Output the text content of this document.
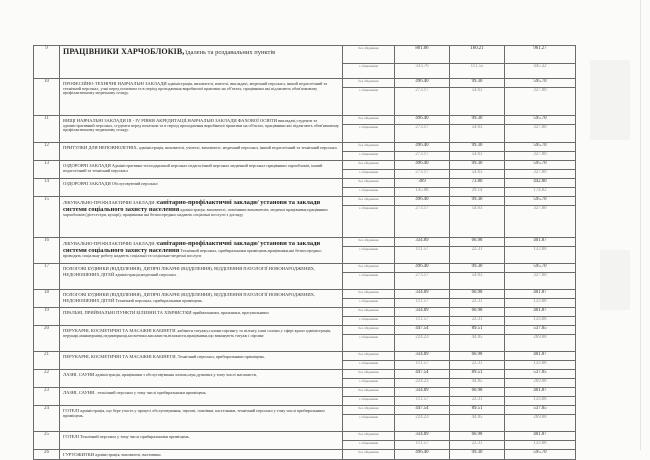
9	ПРАЦІВНИКИ ХАРЧОБЛОКІВ, їдалень та роздавальних пунктів	без обіднання	801.06	160.21	961.27
		з обіднанням	333.76	111.55	445.32
10	ПРОФЕСІЙНО-ТЕХНІЧНІ НАВЧАЛЬНІ ЗАКЛАДИ адміністрація, вихователі, вчителі, викладачі, медичний персонал, інший педагогічний та технічний персонал, учні перед початком та в період проходження виробничої практики на об'єктах, працівники які підлягають обов'язковому профілактичному медичному огляду.	без обіднання	496.40	99.30	595.70
		з обіднанням	273.17	54.63	327.80
11	ВИЩІ НАВЧАЛЬНІ ЗАКЛАДИ ІІІ - IV РІВНЯ АКРЕДИТАЦІЇ,НАВЧАЛЬНІ ЗАКЛАДИ ФАХОВОЇ ОСВІТИ викладачі,студенти та адміністративний персонал, студенти перед початком та в період проходження виробничої практики на об'єктах, працівники які підлягають обов'язковому профілактичному медичному огляду.	без обіднання	496.40	99.30	595.70
		з обіднанням	273.17	54.63	327.80
12	ПРИТУЛКИ ДЛЯ НЕПОВНОЛІТНІХ, адміністрація, вихователі, учителі, вихователі, медичний персонал, інший педагогічний та технічний персонал.	без обіднання	496.40	99.30	595.70
		з обіднанням	273.17	54.63	327.80
13	ОЗДОРОВЧІ ЗАКЛАДИ Адміністративно-господарський персонал педагогічний персонал медичний персонал працівники харчоблоків, інший педагогічний та технічний персонал	без обіднання	496.40	99.30	595.70
		з обіднанням	273.17	54.63	327.80
14	ОЗДОРОВЧІ ЗАКЛАДИ Обслуговуючий персонал	без обіднання	369	73.80	442.80
		з обіднанням	145.08	29.14	174.82
15	ЛІКУВАЛЬНО-ПРОФІЛАКТИЧНІ ЗАКЛАДИ /санітарно-профілактичні заклади/ установи та заклади системи соціального захисту населення адміністрація, вихователі, помічники вихователів, медичні працівники,працівники харчоблоків (дієтсестри, кухарі), працівники які безпосередньо надають соціальні послуги з догляду	без обіднання	496.40	99.30	595.70
		з обіднанням	273.17	54.63	327.80
16	ЛІКУВАЛЬНО-ПРОФІЛАКТИЧНІ ЗАКЛАДИ /санітарно-профілактичні заклади/ установи та заклади системи соціального захисту населення Технічний персонал, прибиральники приміщень,працівники,які безпосередньо проводять соціальну роботу надають соціальні та соціально-медичні послуги	без обіднання	334.89	66.98	401.87
		з обіднанням	111.57	22.31	133.88
17	ПОЛОГОВІ БУДИНКИ (ВІДДІЛЕННЯ), ДИТЯЧІ ЛІКАРНІ (ВІДДІЛЕННЯ), ВІДДІЛЕННЯ ПАТОЛОГІЇ НОВОНАРОДЖЕНИХ, НЕДОНОШЕНИХ ДІТЕЙ адміністрація,медичний персонал .	без обіднання	496.40	99.30	595.70
		з обіднанням	273.17	54.63	327.80
18	ПОЛОГОВІ БУДИНКИ (ВІДДІЛЕННЯ), ДИТЯЧІ ЛІКАРНІ (ВІДДІЛЕННЯ), ВІДДІЛЕННЯ ПАТОЛОГІЇ НОВОНАРОДЖЕНИХ, НЕДОНОШЕНИХ ДІТЕЙ Технічний персонал, прибиральники приміщень.	без обіднання	334.89	66.98	401.87
		з обіднанням	111.57	22.31	133.88
19	ПРАЛЬНІ, ПРИЙМАЛЬНІ ПУНКТИ БІЛИЗНИ ТА ХІМЧИСТКИ приймальники, пральники, прасувальники	без обіднання	334.89	66.98	401.87
		з обіднанням	111.57	22.31	133.88
20	ПЕРУКАРНІ, КОСМЕТИЧНІ ТА МАСАЖНІ КАБІНЕТИ ,кабінети татуажу,салони пірсингу та пілінгу, інші салони у сфері краси адміністрація, перукарі,манікюрниці,педикюрниці,косметики,масажисти,візажисти,працівники,що виконують татуаж і пірсинг	без обіднання	447.54	89.51	537.05
		з обіднанням	224.23	44.85	269.08
21	ПЕРУКАРНІ, КОСМЕТИЧНІ ТА МАСАЖНІ КАБІНЕТИ, Технічний персонал, прибиральники приміщень.	без обіднання	334.89	66.98	401.87
		з обіднанням	111.57	22.31	133.88
22	ЛАЗНІ, САУНИ адміністрація, працівники з обслуговування лазень,саун,душових,у тому числі масажисти,	без обіднання	447.54	89.51	537.05
		з обіднанням	224.23	44.85	269.08
23	ЛАЗНІ, САУНИ . технічний персонал у тому числі прибиральники приміщень.	без обіднання	334.89	66.98	401.87
		з обіднанням	111.57	22.31	133.88
24	ГОТЕЛІ адміністрація, що бере участь у процесі обслуговування, чергові, покоївки, кастелянки, технічний персонал у тому числі прибиральники приміщень.	без обіднання	447.54	89.51	537.05
		з обіднанням	224.23	44.85	269.08
25	ГОТЕЛІ Технічний персонал у тому числі прибиральники приміщень.	без обіднання	334.89	66.98	401.87
		з обіднанням	111.57	22.31	133.88
26	ГУРТОЖИТКИ адміністрація, вихователі, вахтовики.	без обіднання	496.40	99.30	595.70
